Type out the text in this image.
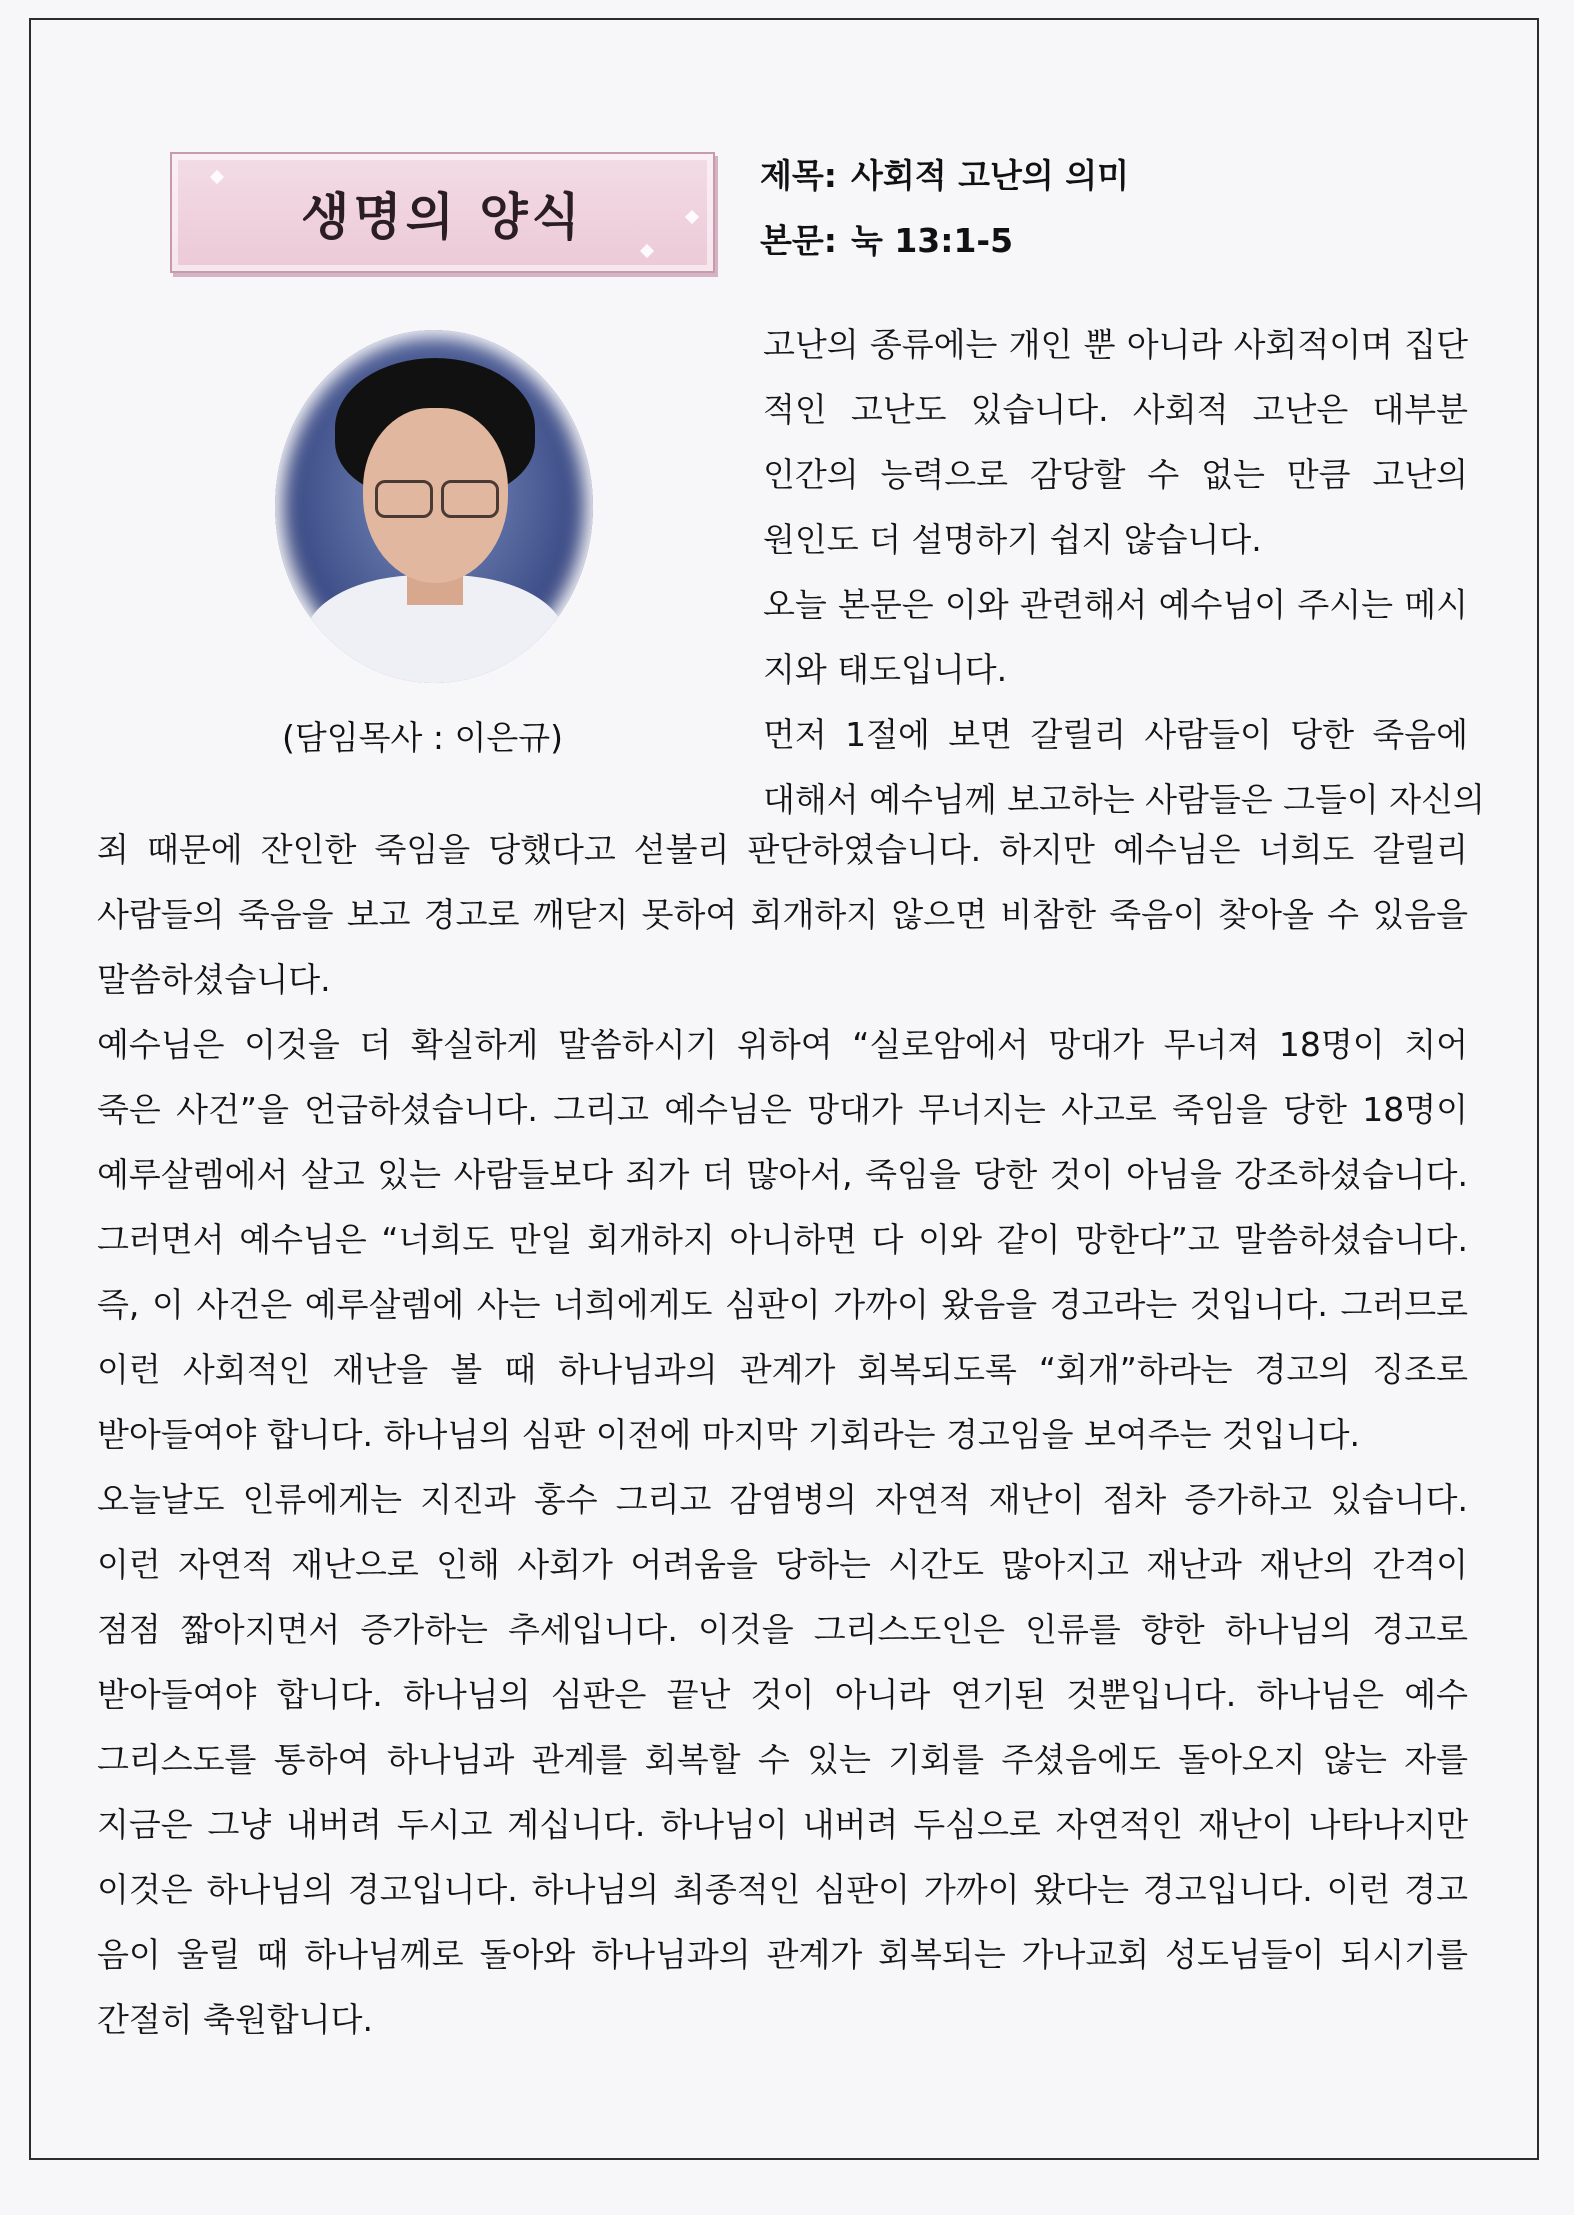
생명의 양식
제목: 사회적 고난의 의미
본문: 눅 13:1-5
(담임목사 : 이은규)
고난의 종류에는 개인 뿐 아니라 사회적이며 집단
적인 고난도 있습니다. 사회적 고난은 대부분
인간의 능력으로 감당할 수 없는 만큼 고난의
원인도 더 설명하기 쉽지 않습니다.
오늘 본문은 이와 관련해서 예수님이 주시는 메시
지와 태도입니다.
먼저 1절에 보면 갈릴리 사람들이 당한 죽음에
대해서 예수님께 보고하는 사람들은 그들이 자신의
죄 때문에 잔인한 죽임을 당했다고 섣불리 판단하였습니다. 하지만 예수님은 너희도 갈릴리
사람들의 죽음을 보고 경고로 깨닫지 못하여 회개하지 않으면 비참한 죽음이 찾아올 수 있음을
말씀하셨습니다.
예수님은 이것을 더 확실하게 말씀하시기 위하여 “실로암에서 망대가 무너져 18명이 치어
죽은 사건”을 언급하셨습니다. 그리고 예수님은 망대가 무너지는 사고로 죽임을 당한 18명이
예루살렘에서 살고 있는 사람들보다 죄가 더 많아서, 죽임을 당한 것이 아님을 강조하셨습니다.
그러면서 예수님은 “너희도 만일 회개하지 아니하면 다 이와 같이 망한다”고 말씀하셨습니다.
즉, 이 사건은 예루살렘에 사는 너희에게도 심판이 가까이 왔음을 경고라는 것입니다. 그러므로
이런 사회적인 재난을 볼 때 하나님과의 관계가 회복되도록 “회개”하라는 경고의 징조로
받아들여야 합니다. 하나님의 심판 이전에 마지막 기회라는 경고임을 보여주는 것입니다.
오늘날도 인류에게는 지진과 홍수 그리고 감염병의 자연적 재난이 점차 증가하고 있습니다.
이런 자연적 재난으로 인해 사회가 어려움을 당하는 시간도 많아지고 재난과 재난의 간격이
점점 짧아지면서 증가하는 추세입니다. 이것을 그리스도인은 인류를 향한 하나님의 경고로
받아들여야 합니다. 하나님의 심판은 끝난 것이 아니라 연기된 것뿐입니다. 하나님은 예수
그리스도를 통하여 하나님과 관계를 회복할 수 있는 기회를 주셨음에도 돌아오지 않는 자를
지금은 그냥 내버려 두시고 계십니다. 하나님이 내버려 두심으로 자연적인 재난이 나타나지만
이것은 하나님의 경고입니다. 하나님의 최종적인 심판이 가까이 왔다는 경고입니다. 이런 경고
음이 울릴 때 하나님께로 돌아와 하나님과의 관계가 회복되는 가나교회 성도님들이 되시기를
간절히 축원합니다.
